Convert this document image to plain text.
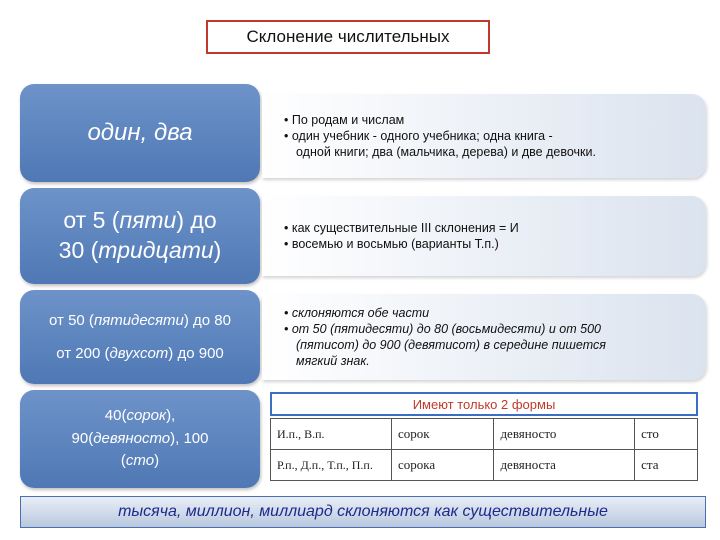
Склонение числительных
один, два	• По родам и числам
• один учебник - одного учебника; одна книга -
одной книги; два (мальчика, дерева) и две девочки.
от 5 (пяти) до
30 (тридцати)
• как существительные III склонения = И
• восемью и восьмью (варианты Т.п.)
от 50 (пятидесяти) до 80
от 200 (двухсот) до 900
• склоняются обе части
• от 50 (пятидесяти) до 80 (восьмидесяти) и от 500
(пятисот) до 900 (девятисот) в середине пишется
мягкий знак.
40(сорок),
90(девяносто), 100
(сто)
Имеют только 2 формы
И.п., В.п.	сорок	девяносто	сто
Р.п., Д.п., Т.п., П.п.	сорока	девяноста	ста
тысяча, миллион, миллиард склоняются как существительные
